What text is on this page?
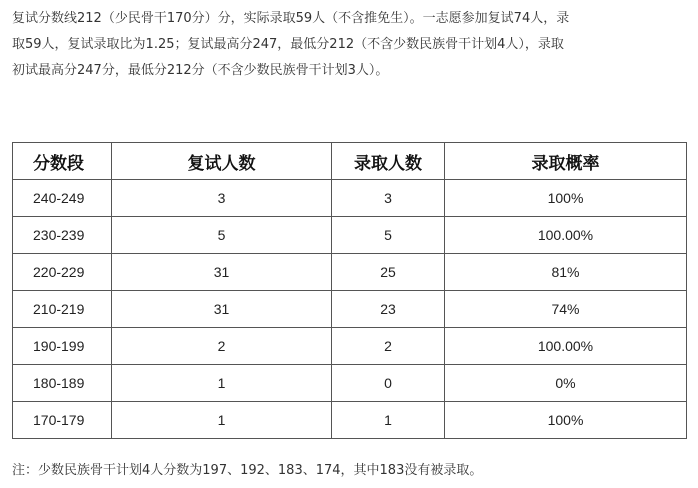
复试分数线212（少民骨干170分）分，实际录取59人（不含推免生）。一志愿参加复试74人，录

取59人，复试录取比为1.25；复试最高分247，最低分212（不含少数民族骨干计划4人），录取

初试最高分247分，最低分212分（不含少数民族骨干计划3人）。

分数段	复试人数	录取人数	录取概率
240-249	3	3	100%
230-239	5	5	100.00%
220-229	31	25	81%
210-219	31	23	74%
190-199	2	2	100.00%
180-189	1	0	0%
170-179	1	1	100%
注：少数民族骨干计划4人分数为197、192、183、174，其中183没有被录取。
